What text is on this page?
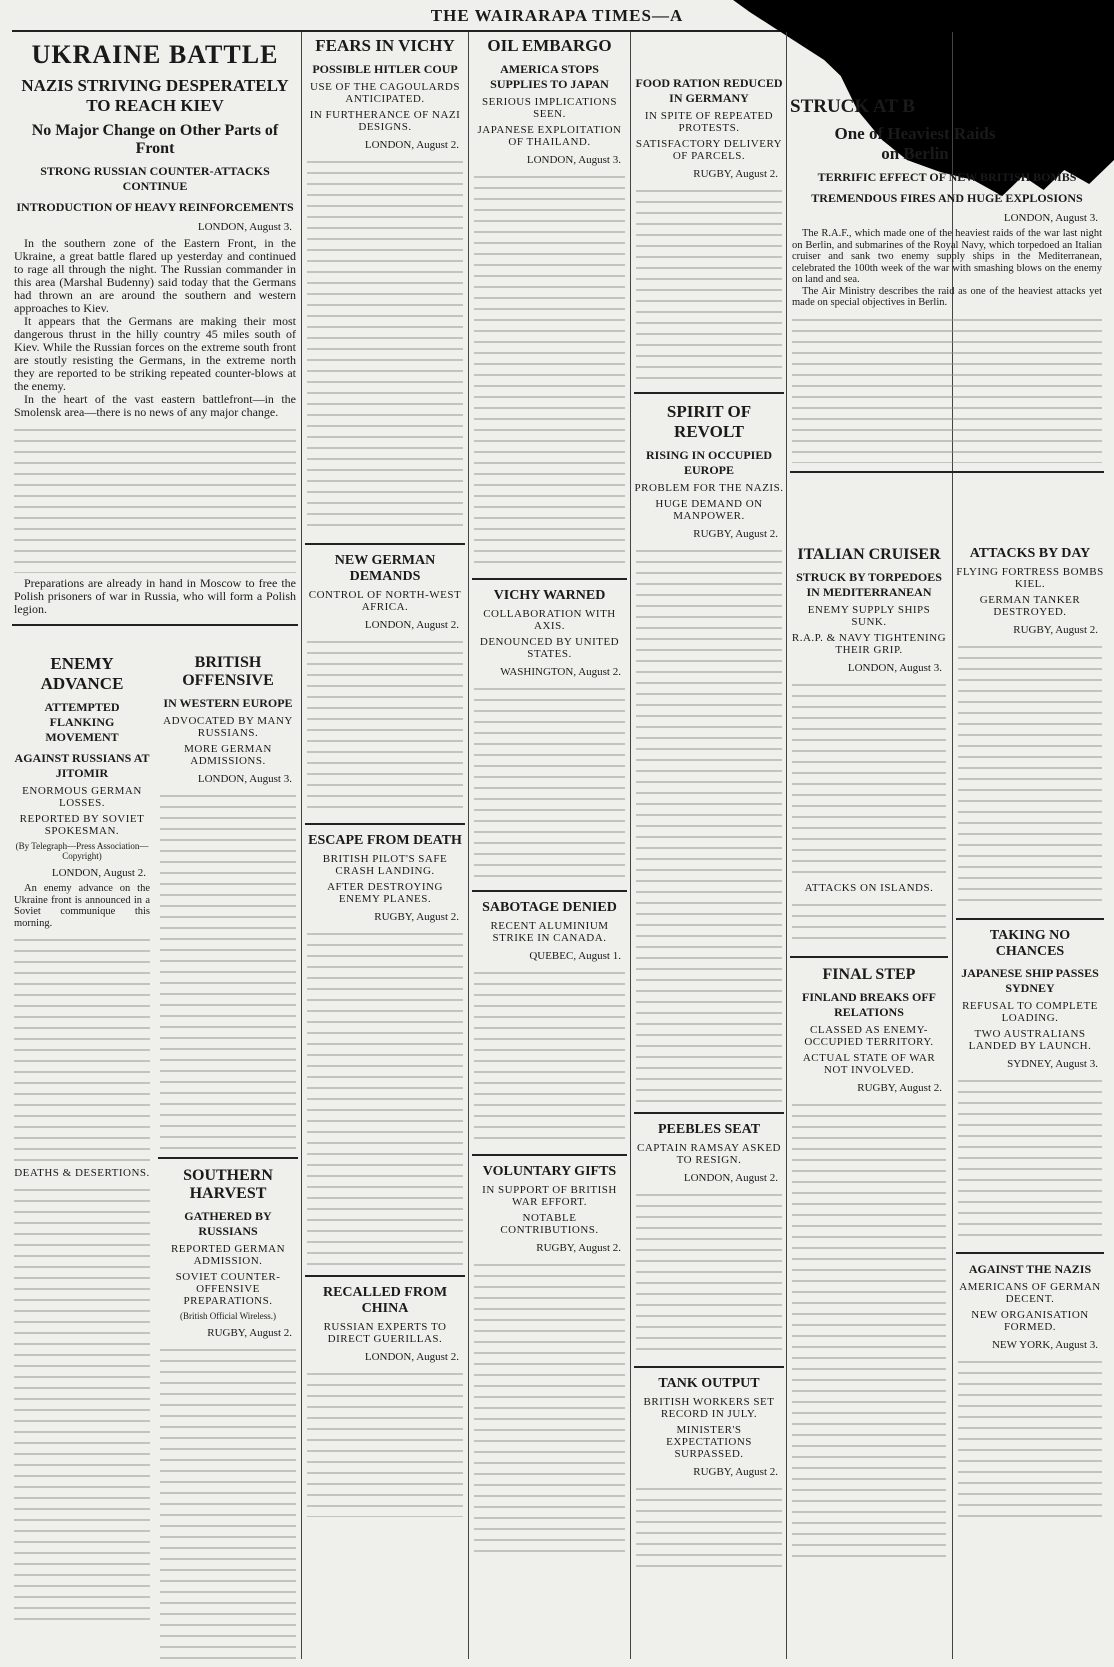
THE WAIRARAPA TIMES—A
UKRAINE BATTLE
NAZIS STRIVING DESPERATELY TO REACH KIEV
No Major Change on Other Parts of Front
STRONG RUSSIAN COUNTER-ATTACKS CONTINUE
INTRODUCTION OF HEAVY REINFORCEMENTS
LONDON, August 3.

In the southern zone of the Eastern Front, in the Ukraine, a great battle flared up yesterday and continued to rage all through the night. The Russian commander in this area (Marshal Budenny) said today that the Germans had thrown an are around the southern and western approaches to Kiev.

It appears that the Germans are making their most dangerous thrust in the hilly country 45 miles south of Kiev. While the Russian forces on the extreme south front are stoutly resisting the Germans, in the extreme north they are reported to be striking repeated counter-blows at the enemy.

In the heart of the vast eastern battlefront—in the Smolensk area—there is no news of any major change.

Preparations are already in hand in Moscow to free the Polish prisoners of war in Russia, who will form a Polish legion.

ENEMY ADVANCE
ATTEMPTED FLANKING MOVEMENT
AGAINST RUSSIANS AT JITOMIR
ENORMOUS GERMAN LOSSES.
REPORTED BY SOVIET SPOKESMAN.
(By Telegraph—Press Association—Copyright)
LONDON, August 2.

An enemy advance on the Ukraine front is announced in a Soviet communique this morning.

DEATHS & DESERTIONS.
BRITISH OFFENSIVE
IN WESTERN EUROPE
ADVOCATED BY MANY RUSSIANS.
MORE GERMAN ADMISSIONS.
LONDON, August 3.
SOUTHERN HARVEST
GATHERED BY RUSSIANS
REPORTED GERMAN ADMISSION.
SOVIET COUNTER-OFFENSIVE PREPARATIONS.
(British Official Wireless.)
RUGBY, August 2.
FEARS IN VICHY
POSSIBLE HITLER COUP
USE OF THE CAGOULARDS ANTICIPATED.
IN FURTHERANCE OF NAZI DESIGNS.
LONDON, August 2.
NEW GERMAN DEMANDS
CONTROL OF NORTH-WEST AFRICA.
LONDON, August 2.
ESCAPE FROM DEATH
BRITISH PILOT'S SAFE CRASH LANDING.
AFTER DESTROYING ENEMY PLANES.
RUGBY, August 2.
RECALLED FROM CHINA
RUSSIAN EXPERTS TO DIRECT GUERILLAS.
LONDON, August 2.
OIL EMBARGO
AMERICA STOPS SUPPLIES TO JAPAN
SERIOUS IMPLICATIONS SEEN.
JAPANESE EXPLOITATION OF THAILAND.
LONDON, August 3.
VICHY WARNED
COLLABORATION WITH AXIS.
DENOUNCED BY UNITED STATES.
WASHINGTON, August 2.
SABOTAGE DENIED
RECENT ALUMINIUM STRIKE IN CANADA.
QUEBEC, August 1.
VOLUNTARY GIFTS
IN SUPPORT OF BRITISH WAR EFFORT.
NOTABLE CONTRIBUTIONS.
RUGBY, August 2.
FOOD RATION REDUCED IN GERMANY
IN SPITE OF REPEATED PROTESTS.
SATISFACTORY DELIVERY OF PARCELS.
RUGBY, August 2.
SPIRIT OF REVOLT
RISING IN OCCUPIED EUROPE
PROBLEM FOR THE NAZIS.
HUGE DEMAND ON MANPOWER.
RUGBY, August 2.
PEEBLES SEAT
CAPTAIN RAMSAY ASKED TO RESIGN.
LONDON, August 2.
TANK OUTPUT
BRITISH WORKERS SET RECORD IN JULY.
MINISTER'S EXPECTATIONS SURPASSED.
RUGBY, August 2.
STRUCK AT B
One of Heaviest Raids on Berlin
TERRIFIC EFFECT OF NEW BRITISH BOMBS
TREMENDOUS FIRES AND HUGE EXPLOSIONS
LONDON, August 3.

The R.A.F., which made one of the heaviest raids of the war last night on Berlin, and submarines of the Royal Navy, which torpedoed an Italian cruiser and sank two enemy supply ships in the Mediterranean, celebrated the 100th week of the war with smashing blows on the enemy on land and sea.

The Air Ministry describes the raid as one of the heaviest attacks yet made on special objectives in Berlin.

ITALIAN CRUISER
STRUCK BY TORPEDOES IN MEDITERRANEAN
ENEMY SUPPLY SHIPS SUNK.
R.A.P. & NAVY TIGHTENING THEIR GRIP.
LONDON, August 3.
ATTACKS ON ISLANDS.
FINAL STEP
FINLAND BREAKS OFF RELATIONS
CLASSED AS ENEMY-OCCUPIED TERRITORY.
ACTUAL STATE OF WAR NOT INVOLVED.
RUGBY, August 2.
ATTACKS BY DAY
FLYING FORTRESS BOMBS KIEL.
GERMAN TANKER DESTROYED.
RUGBY, August 2.
TAKING NO CHANCES
JAPANESE SHIP PASSES SYDNEY
REFUSAL TO COMPLETE LOADING.
TWO AUSTRALIANS LANDED BY LAUNCH.
SYDNEY, August 3.
AGAINST THE NAZIS
AMERICANS OF GERMAN DECENT.
NEW ORGANISATION FORMED.
NEW YORK, August 3.
